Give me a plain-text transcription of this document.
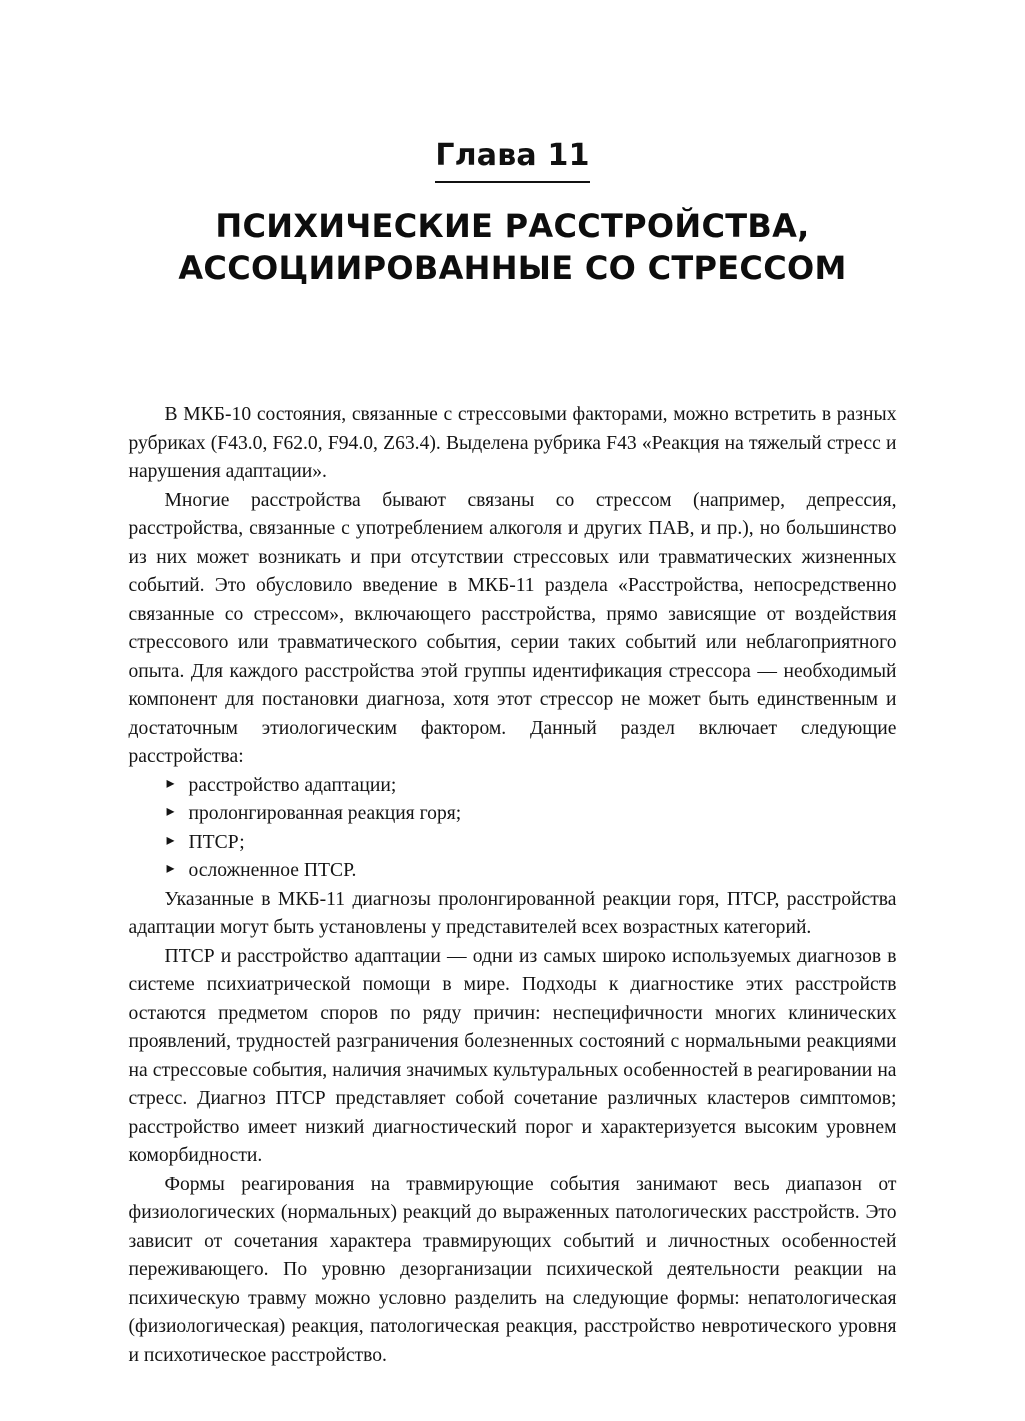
Глава 11
ПСИХИЧЕСКИЕ РАССТРОЙСТВА,
АССОЦИИРОВАННЫЕ СО СТРЕССОМ

В МКБ-10 состояния, связанные с стрессовыми факторами, можно встретить в разных рубриках (F43.0, F62.0, F94.0, Z63.4). Выделена рубрика F43 «Реакция на тяжелый стресс и нарушения адаптации».

Многие расстройства бывают связаны со стрессом (например, депрессия, расстройства, связанные с употреблением алкоголя и других ПАВ, и пр.), но большинство из них может возникать и при отсутствии стрессовых или травматических жизненных событий. Это обусловило введение в МКБ-11 раздела «Расстройства, непосредственно связанные со стрессом», включающего расстройства, прямо зависящие от воздействия стрессового или травматического события, серии таких событий или неблагоприятного опыта. Для каждого расстройства этой группы идентификация стрессора — необходимый компонент для постановки диагноза, хотя этот стрессор не может быть единственным и достаточным этиологическим фактором. Данный раздел включает следующие расстройства:

▸ расстройство адаптации;
▸ пролонгированная реакция горя;
▸ ПТСР;
▸ осложненное ПТСР.

Указанные в МКБ-11 диагнозы пролонгированной реакции горя, ПТСР, расстройства адаптации могут быть установлены у представителей всех возрастных категорий.

ПТСР и расстройство адаптации — одни из самых широко используемых диагнозов в системе психиатрической помощи в мире. Подходы к диагностике этих расстройств остаются предметом споров по ряду причин: неспецифичности многих клинических проявлений, трудностей разграничения болезненных состояний с нормальными реакциями на стрессовые события, наличия значимых культуральных особенностей в реагировании на стресс. Диагноз ПТСР представляет собой сочетание различных кластеров симптомов; расстройство имеет низкий диагностический порог и характеризуется высоким уровнем коморбидности.

Формы реагирования на травмирующие события занимают весь диапазон от физиологических (нормальных) реакций до выраженных патологических расстройств. Это зависит от сочетания характера травмирующих событий и личностных особенностей переживающего. По уровню дезорганизации психической деятельности реакции на психическую травму можно условно разделить на следующие формы: непатологическая (физиологическая) реакция, патологическая реакция, расстройство невротического уровня и психотическое расстройство.
